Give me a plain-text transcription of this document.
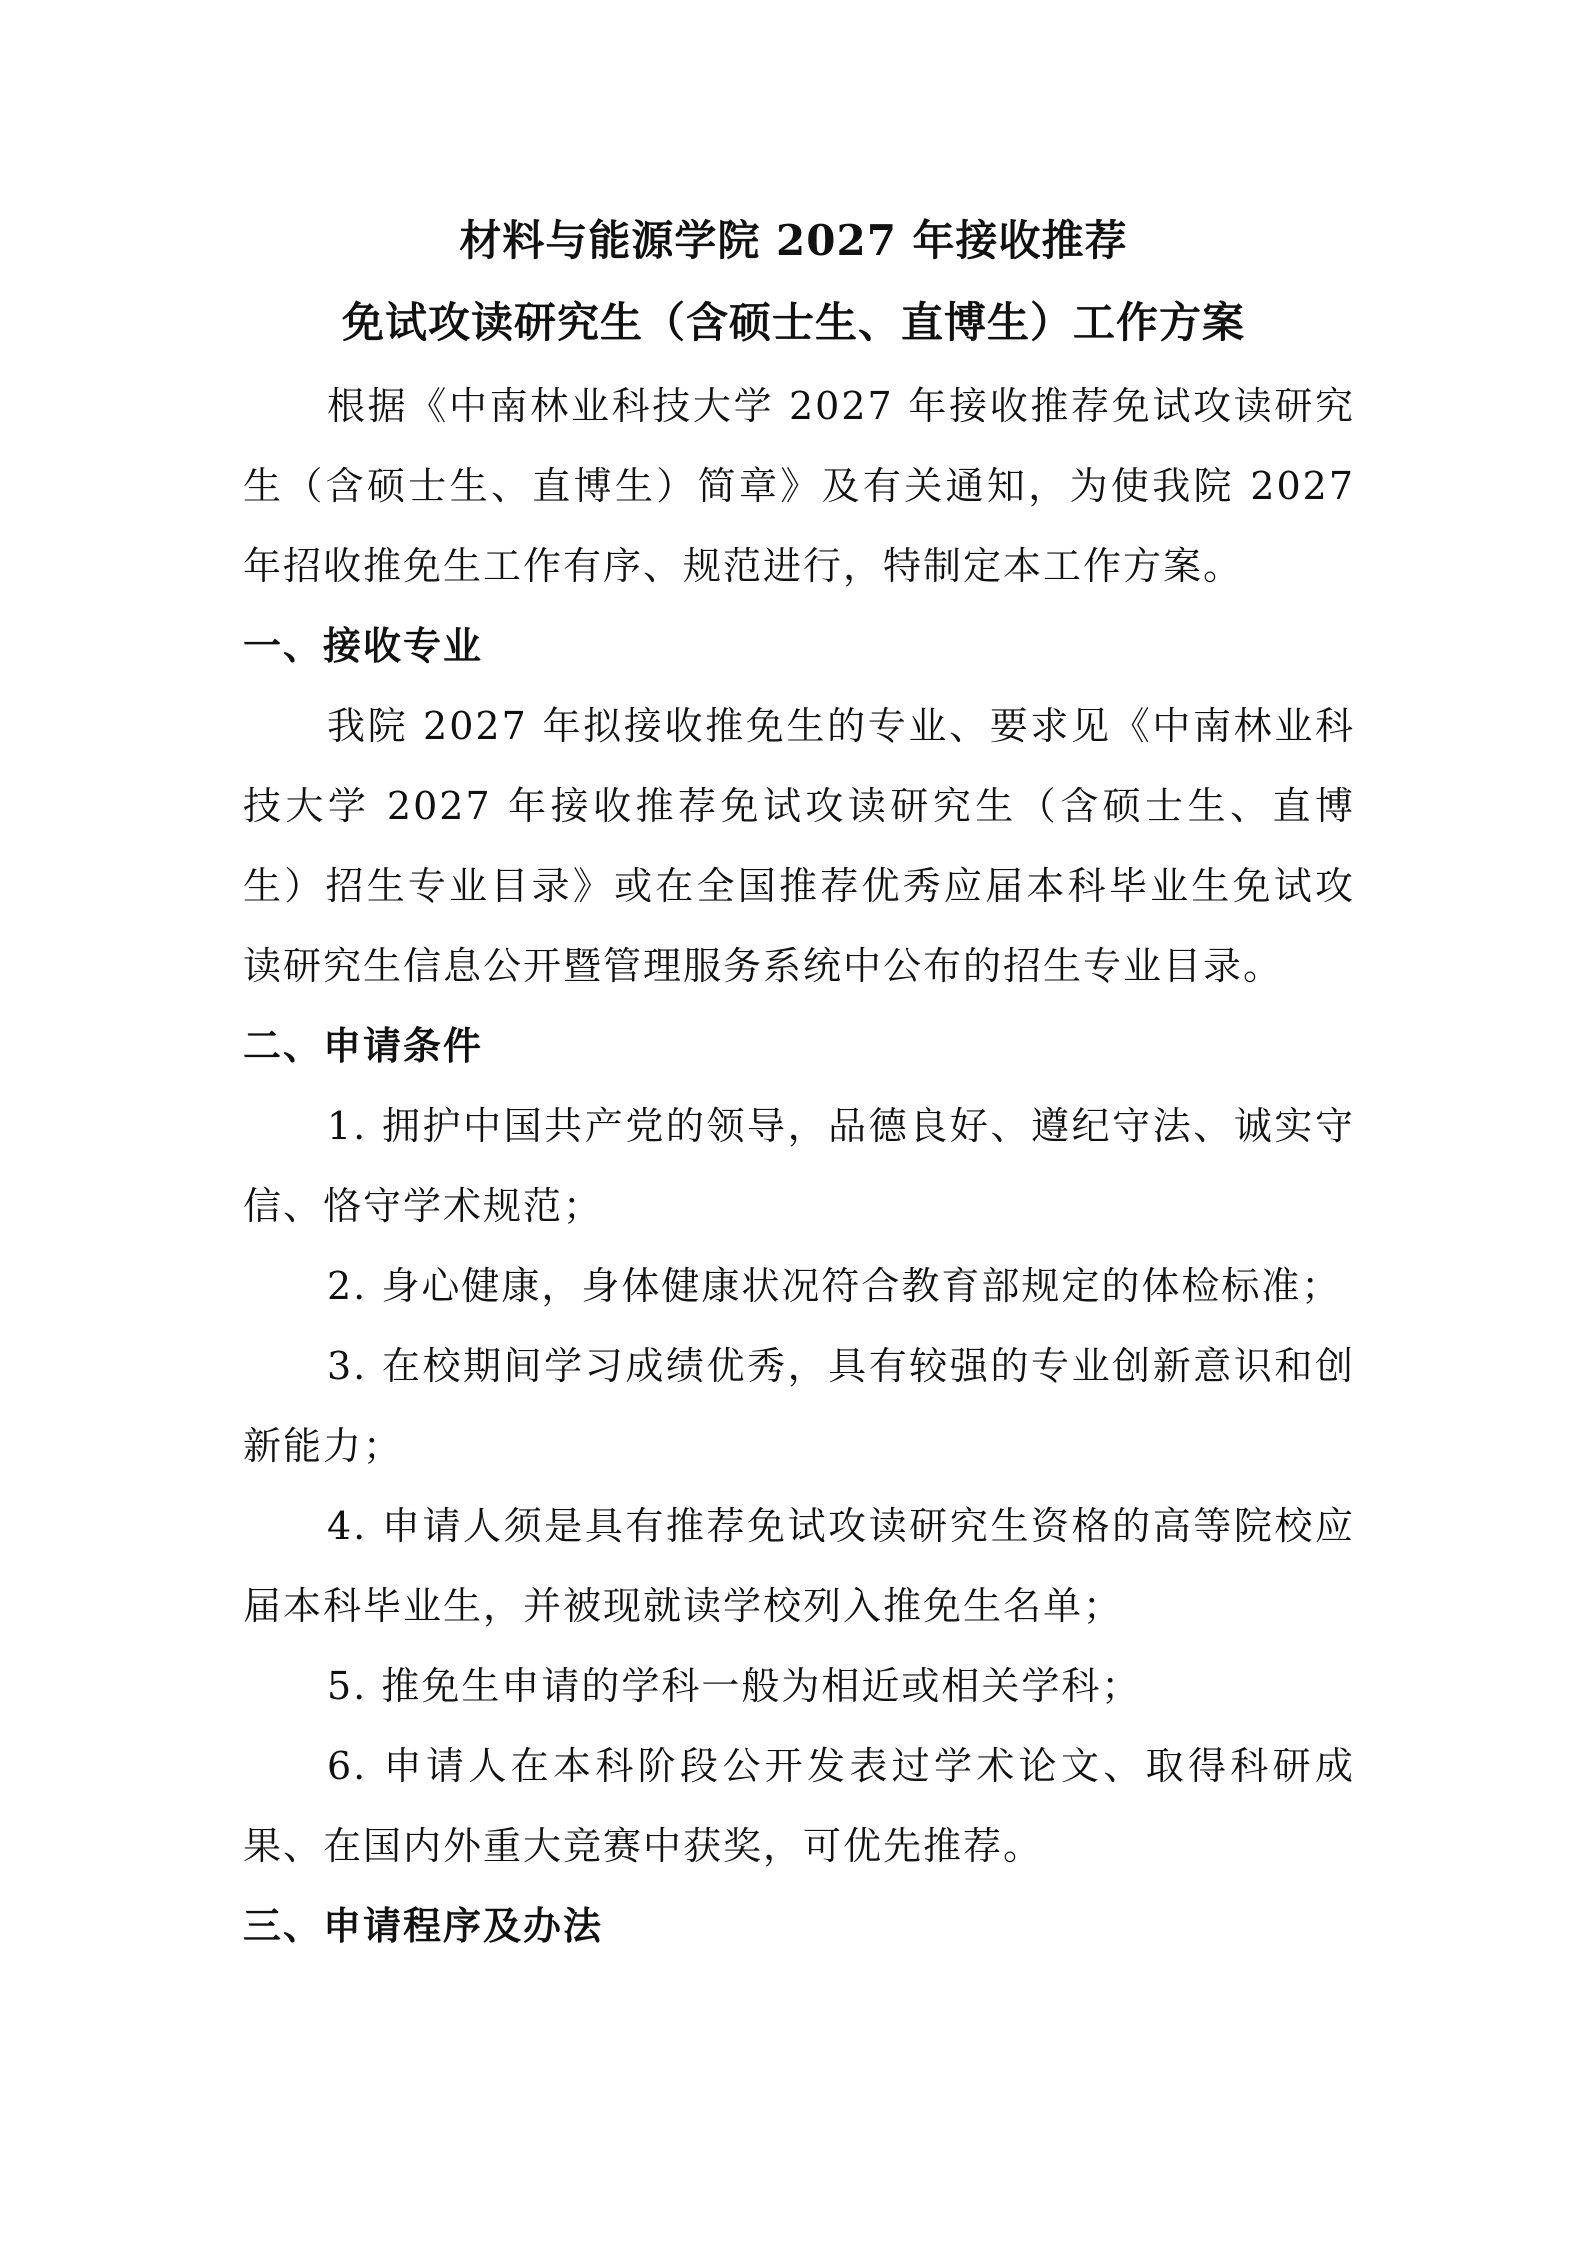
材料与能源学院 2027 年接收推荐
免试攻读研究生（含硕士生、直博生）工作方案

根据《中南林业科技大学 2027 年接收推荐免试攻读研究生（含硕士生、直博生）简章》及有关通知，为使我院 2027 年招收推免生工作有序、规范进行，特制定本工作方案。

一、接收专业

我院 2027 年拟接收推免生的专业、要求见《中南林业科技大学 2027 年接收推荐免试攻读研究生（含硕士生、直博生）招生专业目录》或在全国推荐优秀应届本科毕业生免试攻读研究生信息公开暨管理服务系统中公布的招生专业目录。

二、申请条件

1. 拥护中国共产党的领导，品德良好、遵纪守法、诚实守信、恪守学术规范；

2. 身心健康，身体健康状况符合教育部规定的体检标准；

3. 在校期间学习成绩优秀，具有较强的专业创新意识和创新能力；

4. 申请人须是具有推荐免试攻读研究生资格的高等院校应届本科毕业生，并被现就读学校列入推免生名单；

5. 推免生申请的学科一般为相近或相关学科；

6. 申请人在本科阶段公开发表过学术论文、取得科研成果、在国内外重大竞赛中获奖，可优先推荐。

三、申请程序及办法
